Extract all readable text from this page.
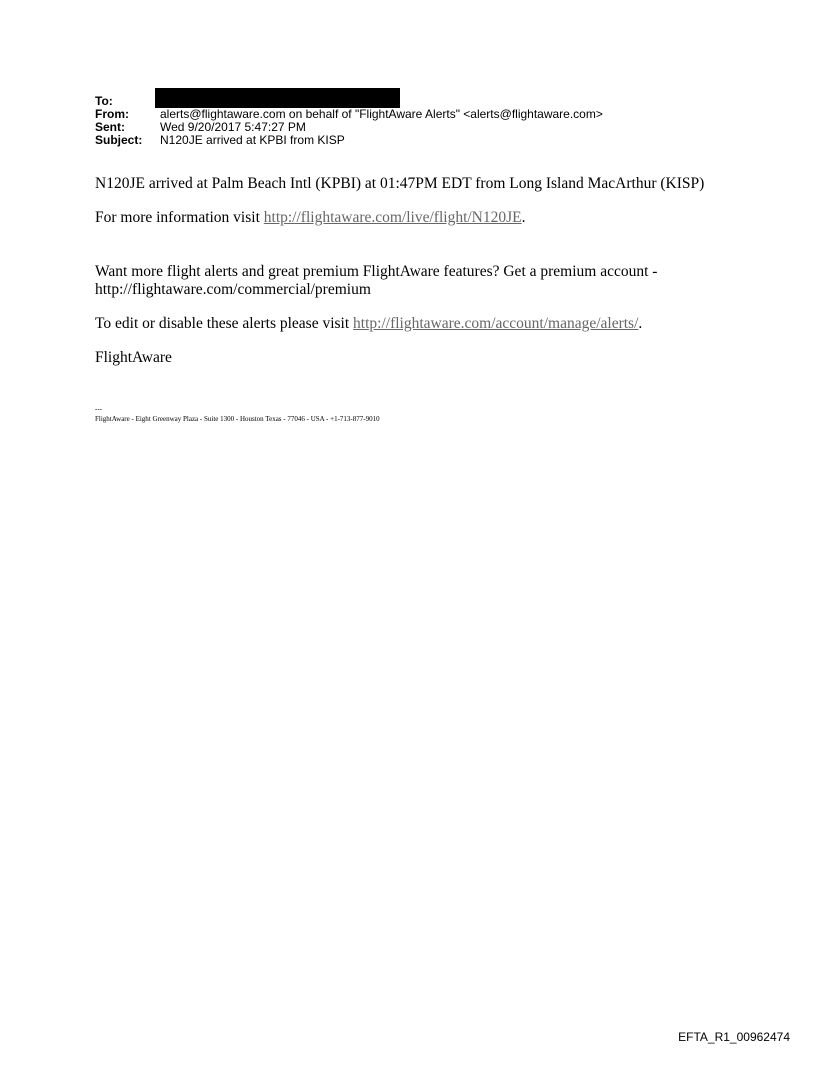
To:
From:	alerts@flightaware.com on behalf of "FlightAware Alerts" <alerts@flightaware.com>
Sent:	Wed 9/20/2017 5:47:27 PM
Subject: N120JE arrived at KPBI from KISP

N120JE arrived at Palm Beach Intl (KPBI) at 01:47PM EDT from Long Island MacArthur (KISP)

For more information visit http://flightaware.com/live/flight/N120JE.

Want more flight alerts and great premium FlightAware features? Get a premium account - http://flightaware.com/commercial/premium

To edit or disable these alerts please visit http://flightaware.com/account/manage/alerts/.

FlightAware

---
FlightAware - Eight Greenway Plaza - Suite 1300 - Houston Texas - 77046 - USA - +1-713-877-9010
EFTA_R1_00962474
